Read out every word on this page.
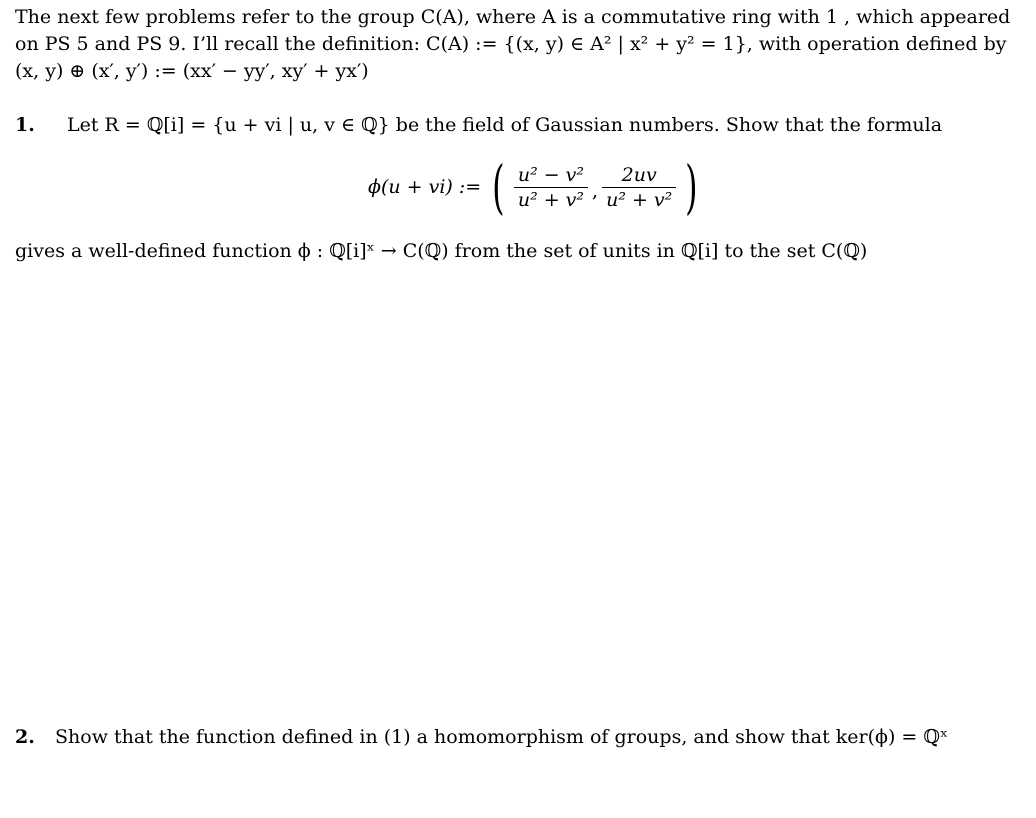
The next few problems refer to the group C(A), where A is a commutative ring with 1 , which appeared
on PS 5 and PS 9. I’ll recall the definition: C(A) := {(x, y) ∈ A² | x² + y² = 1}, with operation defined by
(x, y) ⊕ (x′, y′) := (xx′ − yy′, xy′ + yx′)
1. Let R = ℚ[i] = {u + vi | u, v ∈ ℚ} be the field of Gaussian numbers. Show that the formula
ϕ(u + vi) := ( $\frac{\text{u² − v²}}{\text{u² + v²}}$ , $\frac{2uv}{\text{u² + v²}}$ )
gives a well-defined function ϕ : ℚ[i]ˣ → C(ℚ) from the set of units in ℚ[i] to the set C(ℚ)
2. Show that the function defined in (1) a homomorphism of groups, and show that ker(ϕ) = ℚˣ
